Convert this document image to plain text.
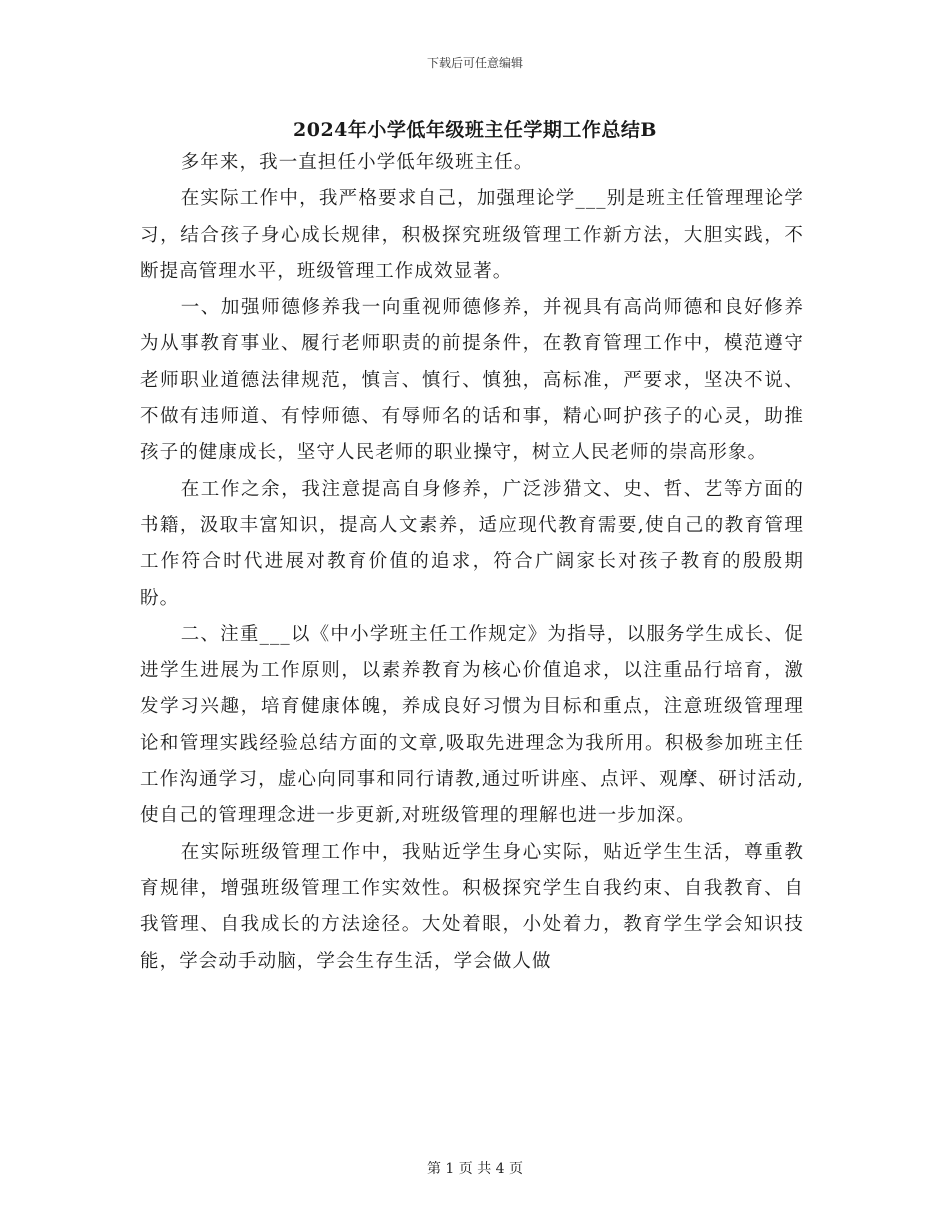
下载后可任意编辑
2024年小学低年级班主任学期工作总结B

多年来，我一直担任小学低年级班主任。

在实际工作中，我严格要求自己，加强理论学___别是班主任管理理论学习，结合孩子身心成长规律，积极探究班级管理工作新方法，大胆实践，不断提高管理水平，班级管理工作成效显著。

一、加强师德修养我一向重视师德修养，并视具有高尚师德和良好修养为从事教育事业、履行老师职责的前提条件，在教育管理工作中，模范遵守老师职业道德法律规范，慎言、慎行、慎独，高标准，严要求，坚决不说、不做有违师道、有悖师德、有辱师名的话和事，精心呵护孩子的心灵，助推孩子的健康成长，坚守人民老师的职业操守，树立人民老师的崇高形象。

在工作之余，我注意提高自身修养，广泛涉猎文、史、哲、艺等方面的书籍，汲取丰富知识，提高人文素养，适应现代教育需要,使自己的教育管理工作符合时代进展对教育价值的追求，符合广阔家长对孩子教育的殷殷期盼。

二、注重___以《中小学班主任工作规定》为指导，以服务学生成长、促进学生进展为工作原则，以素养教育为核心价值追求，以注重品行培育，激发学习兴趣，培育健康体魄，养成良好习惯为目标和重点，注意班级管理理论和管理实践经验总结方面的文章,吸取先进理念为我所用。积极参加班主任工作沟通学习，虚心向同事和同行请教,通过听讲座、点评、观摩、研讨活动,使自己的管理理念进一步更新,对班级管理的理解也进一步加深。

在实际班级管理工作中，我贴近学生身心实际，贴近学生生活，尊重教育规律，增强班级管理工作实效性。积极探究学生自我约束、自我教育、自我管理、自我成长的方法途径。大处着眼，小处着力，教育学生学会知识技能，学会动手动脑，学会生存生活，学会做人做

第 1 页 共 4 页
